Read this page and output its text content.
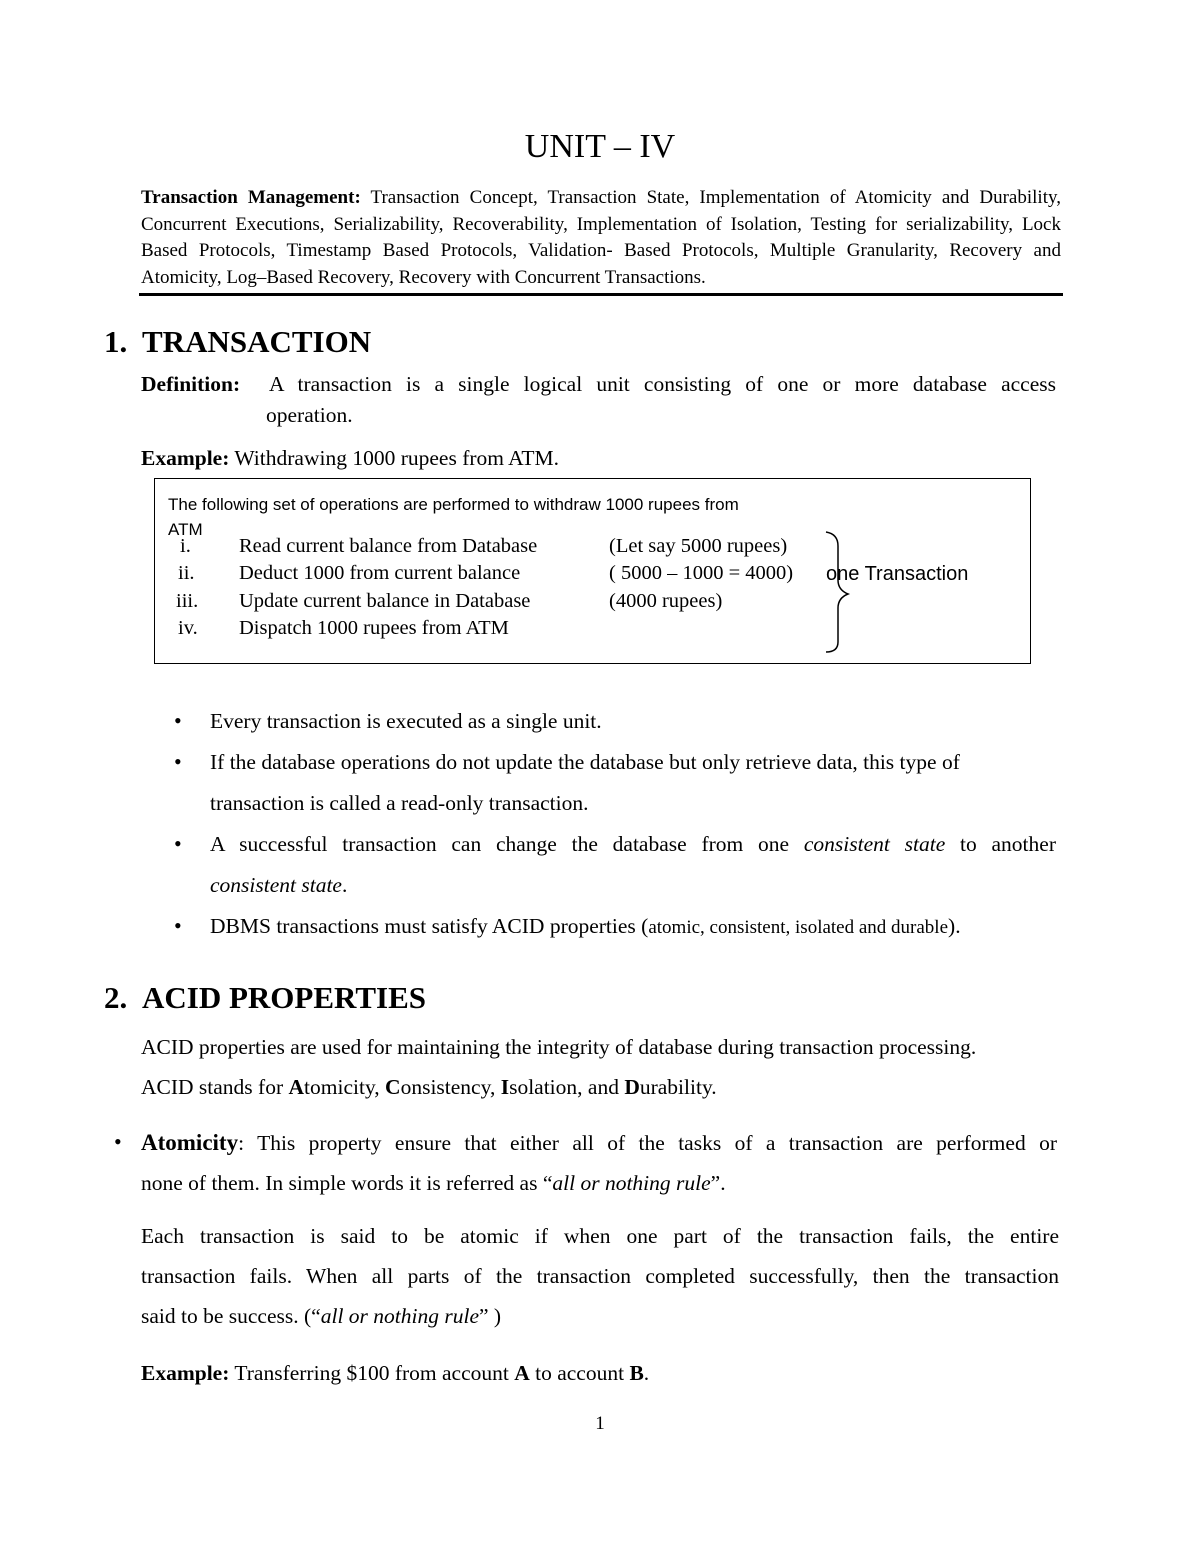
UNIT – IV
Transaction Management: Transaction Concept, Transaction State, Implementation of Atomicity and Durability, Concurrent Executions, Serializability, Recoverability, Implementation of Isolation, Testing for serializability, Lock Based Protocols, Timestamp Based Protocols, Validation- Based Protocols, Multiple Granularity, Recovery and Atomicity, Log–Based Recovery, Recovery with Concurrent Transactions.
1. TRANSACTION
Definition: A transaction is a single logical unit consisting of one or more database access
operation.
Example: Withdrawing 1000 rupees from ATM.
The following set of operations are performed to withdraw 1000 rupees from
ATM
i. Read current balance from Database	(Let say 5000 rupees)
ii. Deduct 1000 from current balance	( 5000 – 1000 = 4000)
iii. Update current balance in Database	(4000 rupees)
iv. Dispatch 1000 rupees from ATM
one Transaction
• Every transaction is executed as a single unit.
• If the database operations do not update the database but only retrieve data, this type of
transaction is called a read-only transaction.
• A successful transaction can change the database from one consistent state to another
consistent state.
• DBMS transactions must satisfy ACID properties (atomic, consistent, isolated and durable).
2. ACID PROPERTIES
ACID properties are used for maintaining the integrity of database during transaction processing.
ACID stands for Atomicity, Consistency, Isolation, and Durability.
• Atomicity: This property ensure that either all of the tasks of a transaction are performed or
none of them. In simple words it is referred as “all or nothing rule”.
Each transaction is said to be atomic if when one part of the transaction fails, the entire
transaction fails. When all parts of the transaction completed successfully, then the transaction
said to be success. (“all or nothing rule” )
Example: Transferring $100 from account A to account B.
1
